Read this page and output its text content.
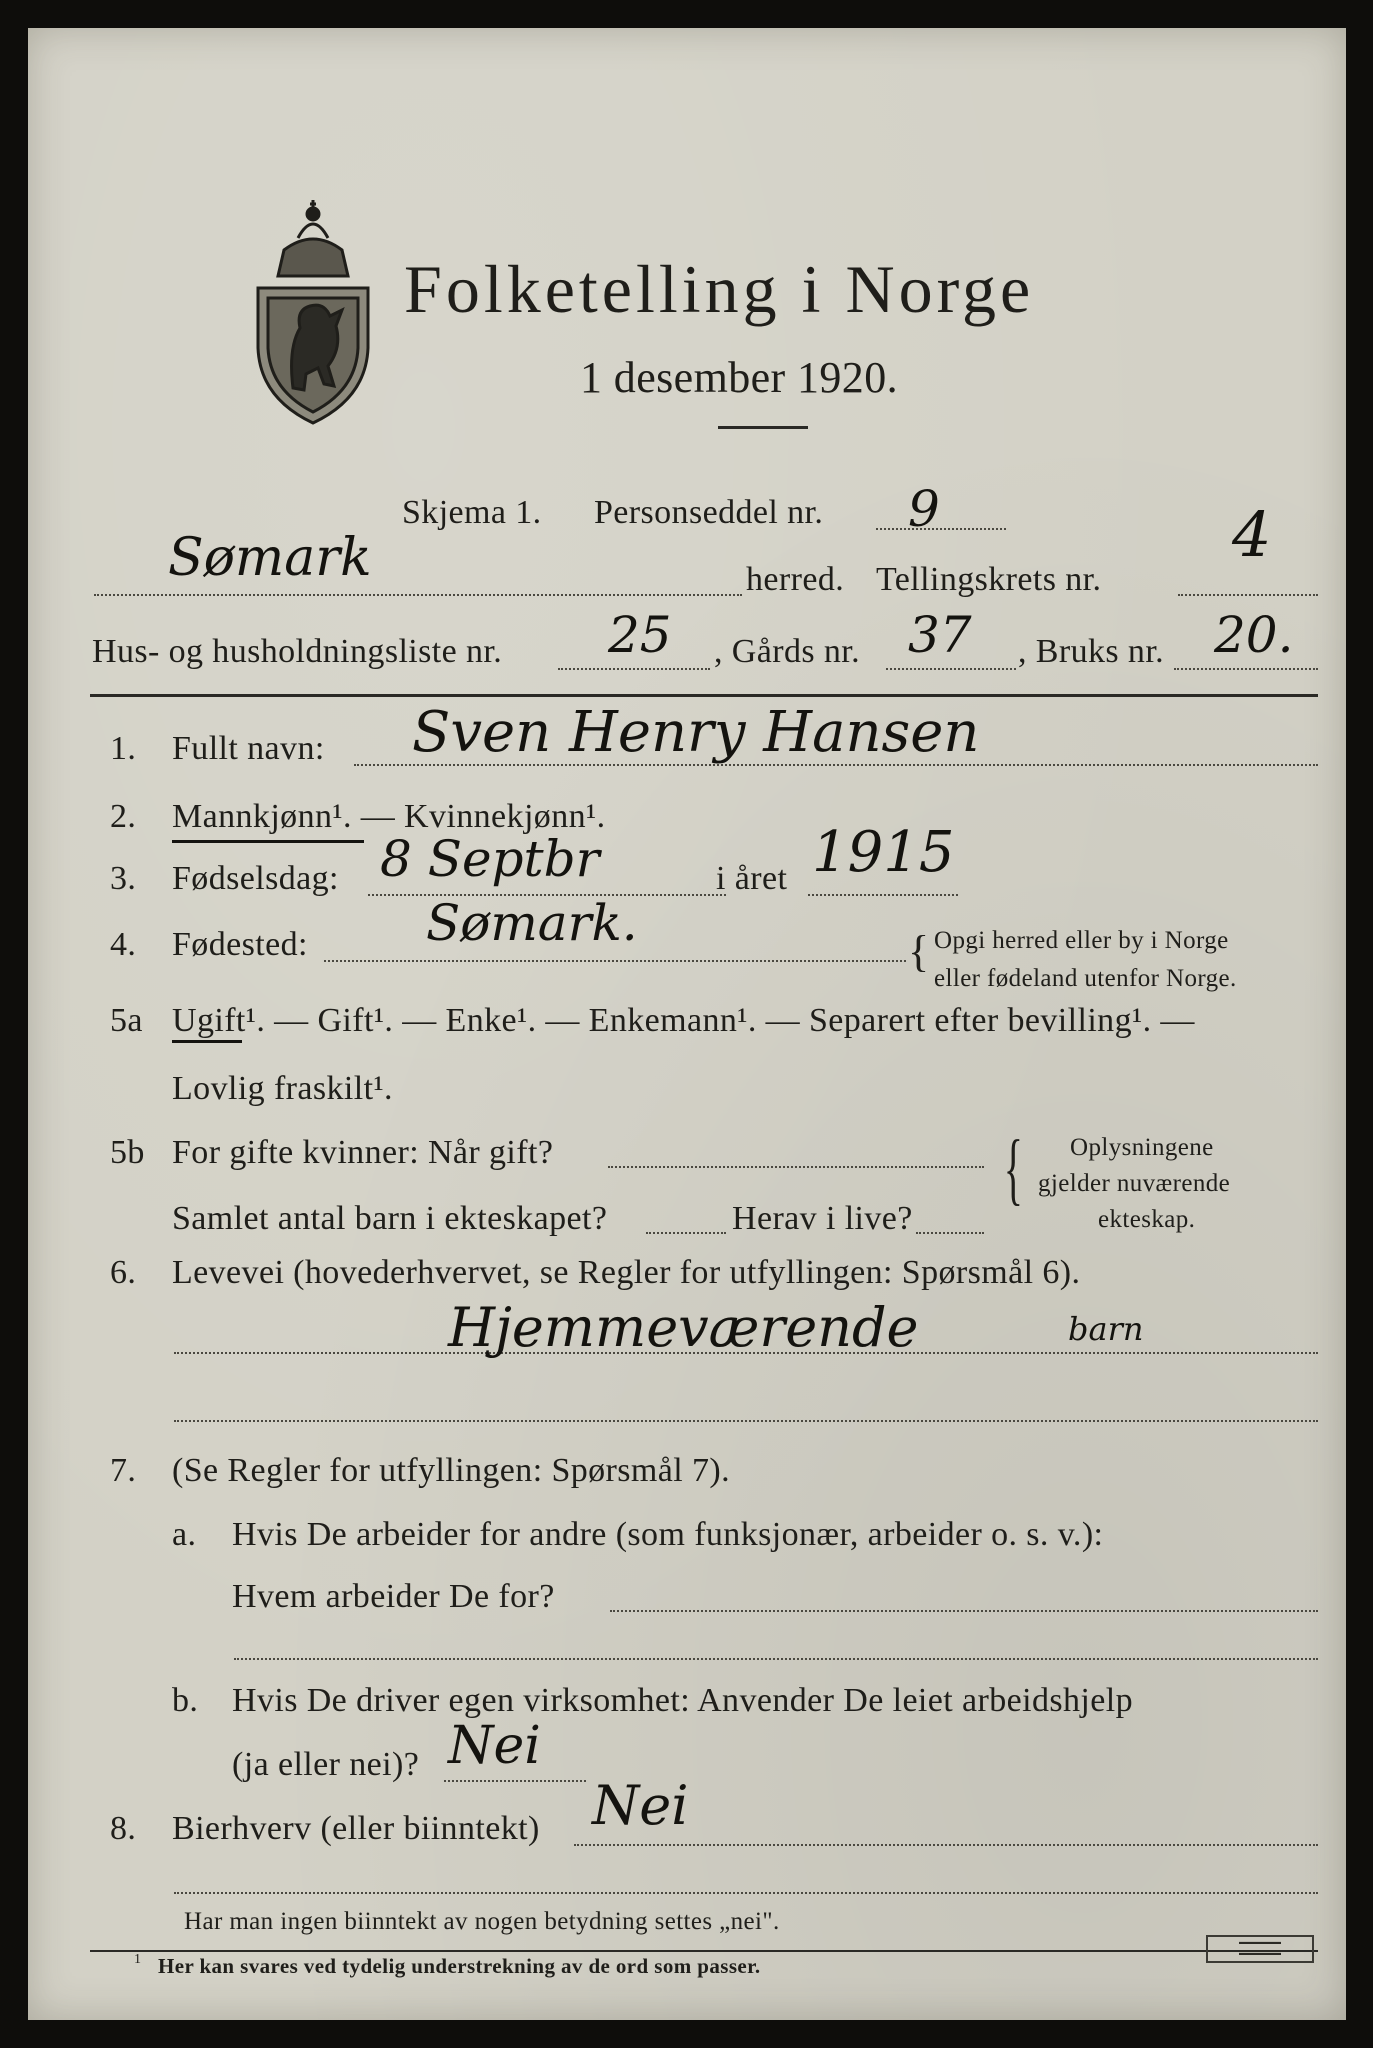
Folketelling i Norge
1 desember 1920.
Skjema 1. Personseddel nr. 9
Sømark	herred. Tellingskrets nr.
4
Hus- og husholdningsliste nr. 25 , Gårds nr. 37 , Bruks nr. 20.
1. Fullt navn: Sven Henry Hansen
2. Mannkjønn¹. — Kvinnekjønn¹.
3. Fødselsdag: 8 Septbr	i året 1915
4. Fødested: Sømark.	{ Opgi herred eller by i Norge
eller fødeland utenfor Norge.
5a Ugift¹. — Gift¹. — Enke¹. — Enkemann¹. — Separert efter bevilling¹. —
Lovlig fraskilt¹.
5b For gifte kvinner: Når gift?
Samlet antal barn i ekteskapet?	Herav i live?
{ Oplysningene
gjelder nuværende
ekteskap.
6. Levevei (hovederhvervet, se Regler for utfyllingen: Spørsmål 6).
Hjemmeværende	barn
7. (Se Regler for utfyllingen: Spørsmål 7).
a. Hvis De arbeider for andre (som funksjonær, arbeider o. s. v.):
Hvem arbeider De for?
b. Hvis De driver egen virksomhet: Anvender De leiet arbeidshjelp
(ja eller nei)? Nei
8. Bierhverv (eller biinntekt) Nei
Har man ingen biinntekt av nogen betydning settes „nei".
1 Her kan svares ved tydelig understrekning av de ord som passer.
▬▬▬▬▬▬
▬▬▬▬▬▬
